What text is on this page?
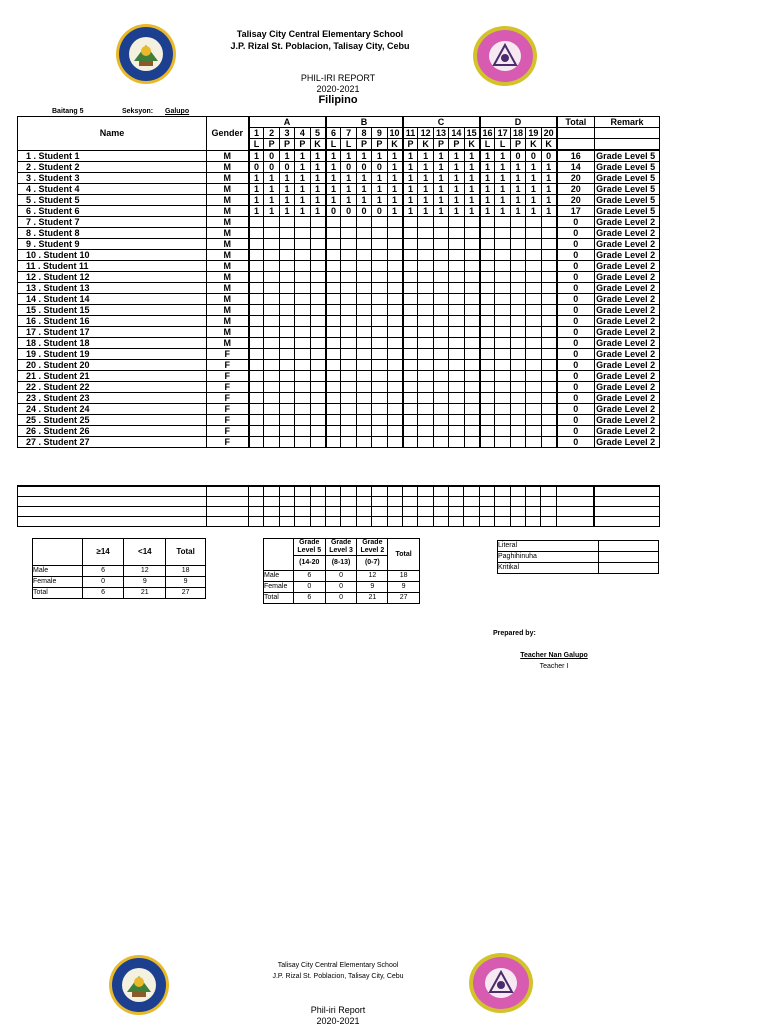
Talisay City Central Elementary School
J.P. Rizal St. Poblacion, Talisay City, Cebu
PHIL-IRI REPORT
2020-2021
Filipino
Baitang 5	Seksyon: Galupo
Name	Gender	A					B					C					D					Total	Remark
		1	2	3	4	5	6	7	8	9	10	11	12	13	14	15	16	17	18	19	20		
		L	P	P	P	K	L	L	P	P	K	P	K	P	P	K	L	L	P	K	K		
1 . Student 1	M	1	0	1	1	1	1	1	1	1	1	1	1	1	1	1	1	1	0	0	0	16	Grade Level 5
2 . Student 2	M	0	0	0	1	1	1	0	0	0	1	1	1	1	1	1	1	1	1	1	1	14	Grade Level 5
3 . Student 3	M	1	1	1	1	1	1	1	1	1	1	1	1	1	1	1	1	1	1	1	1	20	Grade Level 5
4 . Student 4	M	1	1	1	1	1	1	1	1	1	1	1	1	1	1	1	1	1	1	1	1	20	Grade Level 5
5 . Student 5	M	1	1	1	1	1	1	1	1	1	1	1	1	1	1	1	1	1	1	1	1	20	Grade Level 5
6 . Student 6	M	1	1	1	1	1	0	0	0	0	1	1	1	1	1	1	1	1	1	1	1	17	Grade Level 5
7 . Student 7	M																					0	Grade Level 2
8 . Student 8	M																					0	Grade Level 2
9 . Student 9	M																					0	Grade Level 2
10 . Student 10	M																					0	Grade Level 2
11 . Student 11	M																					0	Grade Level 2
12 . Student 12	M																					0	Grade Level 2
13 . Student 13	M																					0	Grade Level 2
14 . Student 14	M																					0	Grade Level 2
15 . Student 15	M																					0	Grade Level 2
16 . Student 16	M																					0	Grade Level 2
17 . Student 17	M																					0	Grade Level 2
18 . Student 18	M																					0	Grade Level 2
19 . Student 19	F																					0	Grade Level 2
20 . Student 20	F																					0	Grade Level 2
21 . Student 21	F																					0	Grade Level 2
22 . Student 22	F																					0	Grade Level 2
23 . Student 23	F																					0	Grade Level 2
24 . Student 24	F																					0	Grade Level 2
25 . Student 25	F																					0	Grade Level 2
26 . Student 26	F																					0	Grade Level 2
27 . Student 27	F																					0	Grade Level 2

	≥14	<14	Total
Male	6	12	18
Female	0	9	9
Total	6	21	27
	Grade Level 5	Grade Level 3	Grade Level 2	Total
	(14-20	(8-13)	(0-7)	
Male	6	0	12	18
Female	0	0	9	9
Total	6	0	21	27
Literal	
Paghihinuha	
Kritikal	
Prepared by:
Teacher Nan Galupo
Teacher I
Talisay City Central Elementary School
J.P. Rizal St. Poblacion, Talisay City, Cebu
Phil-iri Report
2020-2021
